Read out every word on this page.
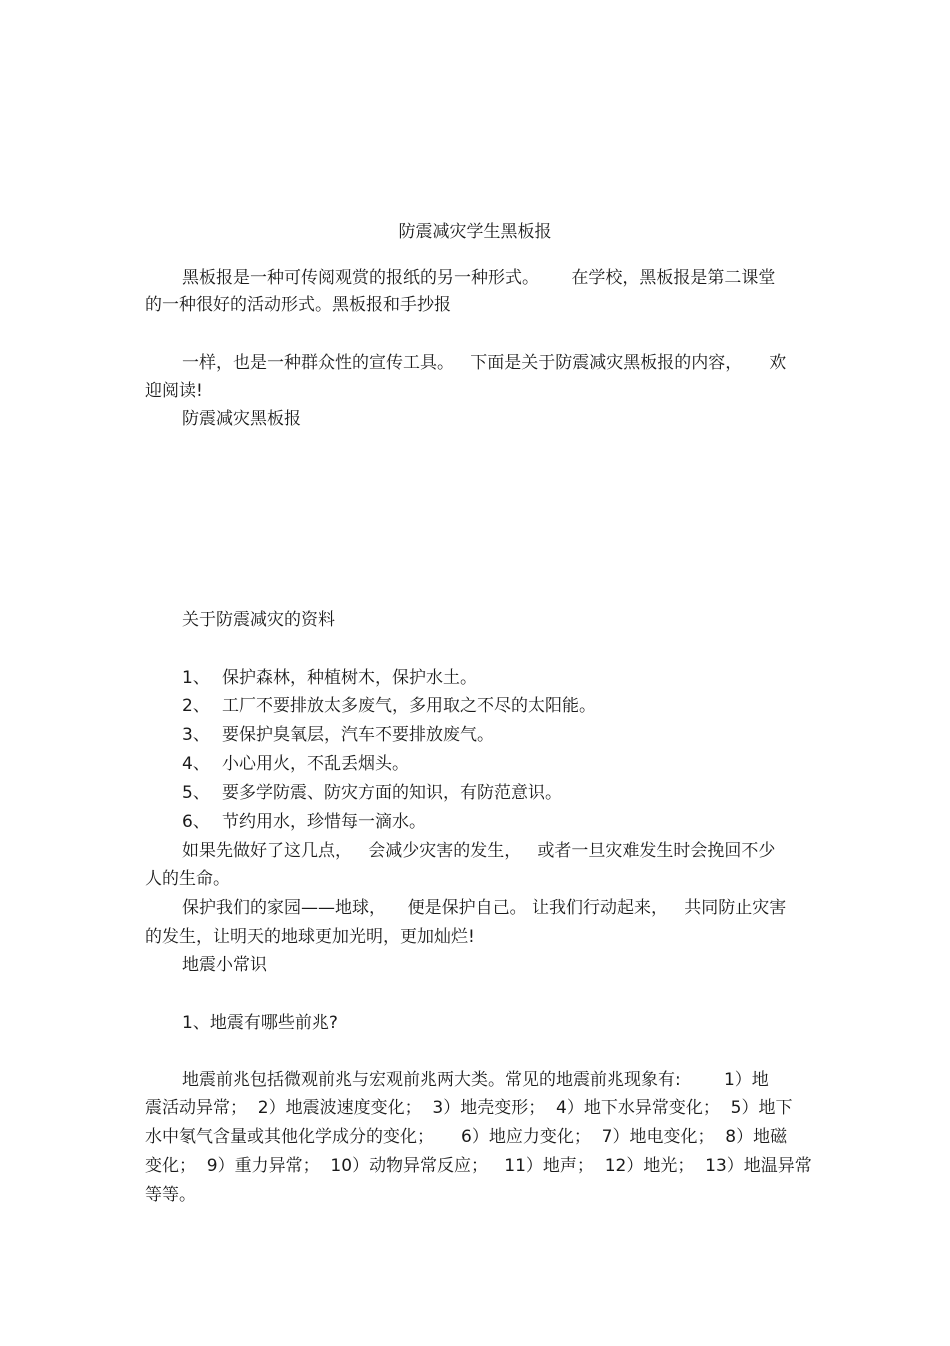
防震减灾学生黑板报

黑板报是一种可传阅观赏的报纸的另一种形式。      在学校，黑板报是第二课堂

的一种很好的活动形式。黑板报和手抄报

一样，也是一种群众性的宣传工具。   下面是关于防震减灾黑板报的内容，     欢

迎阅读!

防震减灾黑板报

关于防震减灾的资料

1、 保护森林，种植树木，保护水土。

2、 工厂不要排放太多废气，多用取之不尽的太阳能。

3、 要保护臭氧层，汽车不要排放废气。

4、 小心用火，不乱丢烟头。

5、 要多学防震、防灾方面的知识，有防范意识。

6、 节约用水，珍惜每一滴水。

如果先做好了这几点，   会减少灾害的发生，   或者一旦灾难发生时会挽回不少

人的生命。

保护我们的家园——地球，    便是保护自己。 让我们行动起来，   共同防止灾害

的发生，让明天的地球更加光明，更加灿烂!

地震小常识

1、地震有哪些前兆?

地震前兆包括微观前兆与宏观前兆两大类。常见的地震前兆现象有:        1）地

震活动异常；  2）地震波速度变化；  3）地壳变形；  4）地下水异常变化；  5）地下

水中氡气含量或其他化学成分的变化；     6）地应力变化；  7）地电变化；  8）地磁

变化；  9）重力异常；  10）动物异常反应；   11）地声；  12）地光；  13）地温异常

等等。
